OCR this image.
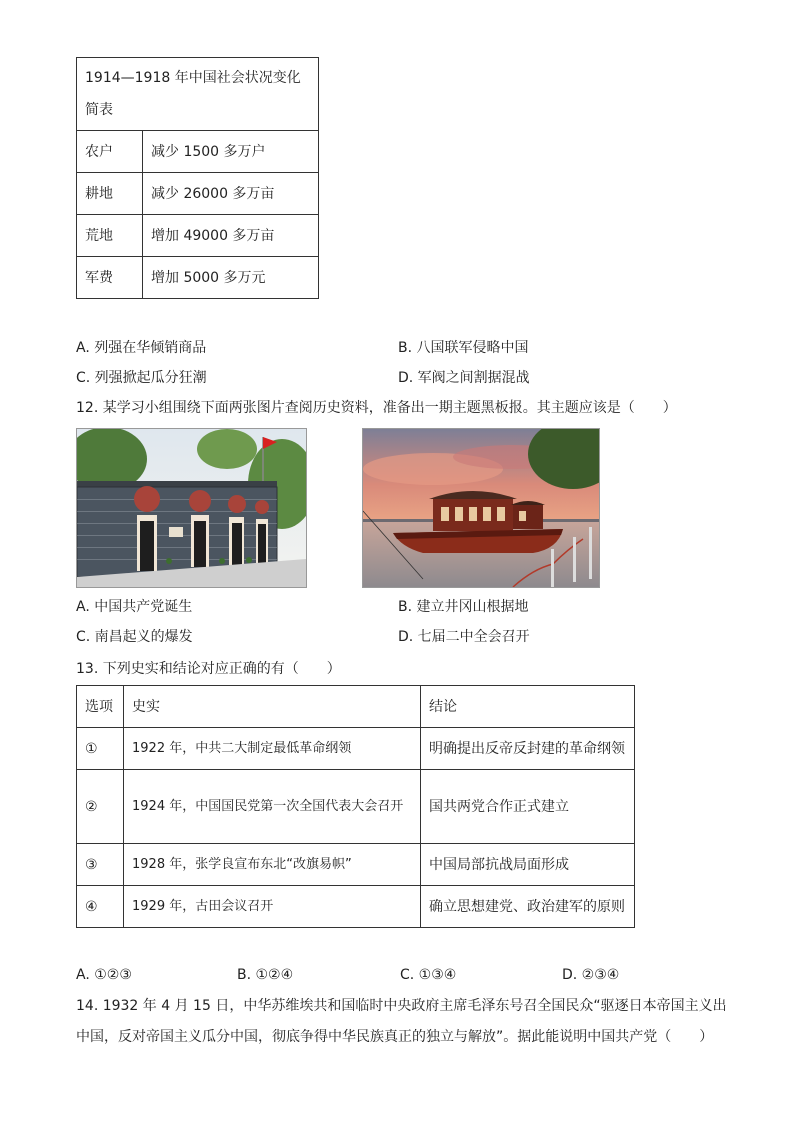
1914—1918 年中国社会状况变化简表	
农户	减少 1500 多万户
耕地	减少 26000 多万亩
荒地	增加 49000 多万亩
军费	增加 5000 多万元
A. 列强在华倾销商品	B. 八国联军侵略中国
C. 列强掀起瓜分狂潮	D. 军阀之间割据混战
12. 某学习小组围绕下面两张图片查阅历史资料，准备出一期主题黑板报。其主题应该是（　　）
A. 中国共产党诞生	B. 建立井冈山根据地
C. 南昌起义的爆发	D. 七届二中全会召开
13. 下列史实和结论对应正确的有（　　）
选项	史实	结论
①	1922 年，中共二大制定最低革命纲领	明确提出反帝反封建的革命纲领
②	1924 年，中国国民党第一次全国代表大会召开	国共两党合作正式建立
③	1928 年，张学良宣布东北“改旗易帜”	中国局部抗战局面形成
④	1929 年，古田会议召开	确立思想建党、政治建军的原则
A. ①②③	B. ①②④	C. ①③④	D. ②③④
14. 1932 年 4 月 15 日，中华苏维埃共和国临时中央政府主席毛泽东号召全国民众“驱逐日本帝国主义出
中国，反对帝国主义瓜分中国，彻底争得中华民族真正的独立与解放”。据此能说明中国共产党（　　）
